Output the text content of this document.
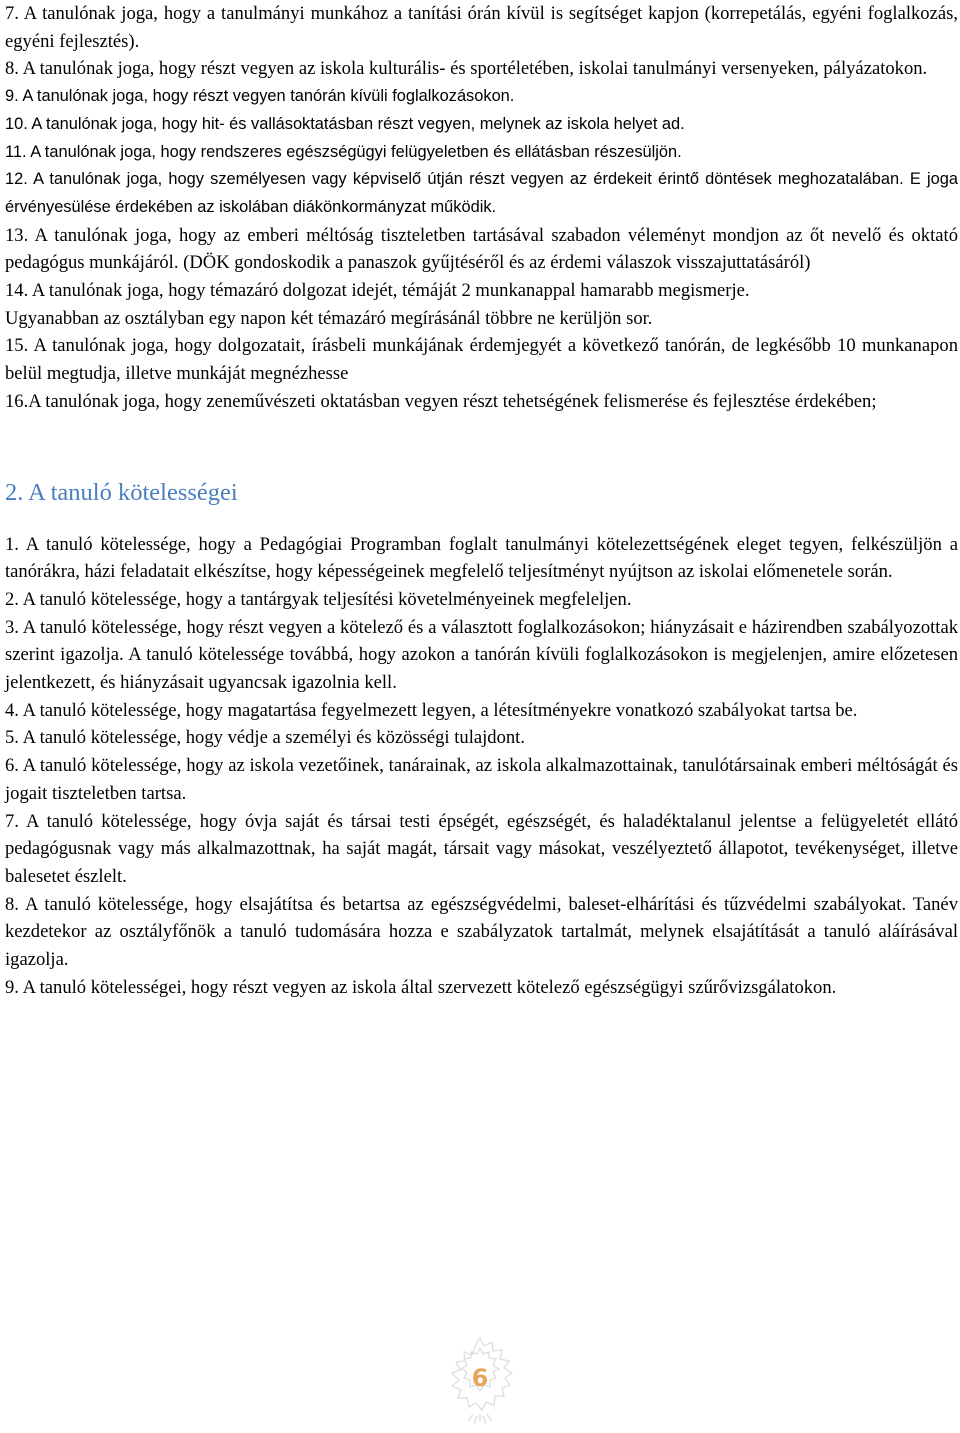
7. A tanulónak joga, hogy a tanulmányi munkához a tanítási órán kívül is segítséget kapjon (korrepetálás, egyéni foglalkozás, egyéni fejlesztés).

8. A tanulónak joga, hogy részt vegyen az iskola kulturális- és sportéletében, iskolai tanulmányi versenyeken, pályázatokon.

9. A tanulónak joga, hogy részt vegyen tanórán kívüli foglalkozásokon.

10. A tanulónak joga, hogy hit- és vallásoktatásban részt vegyen, melynek az iskola helyet ad.

11. A tanulónak joga, hogy rendszeres egészségügyi felügyeletben és ellátásban részesüljön.

12. A tanulónak joga, hogy személyesen vagy képviselő útján részt vegyen az érdekeit érintő döntések meghozatalában. E joga érvényesülése érdekében az iskolában diákönkormányzat működik.

13. A tanulónak joga, hogy az emberi méltóság tiszteletben tartásával szabadon véleményt mondjon az őt nevelő és oktató pedagógus munkájáról. (DÖK gondoskodik a panaszok gyűjtéséről és az érdemi válaszok visszajuttatásáról)

14. A tanulónak joga, hogy témazáró dolgozat idejét, témáját 2 munkanappal hamarabb megismerje.

Ugyanabban az osztályban egy napon két témazáró megírásánál többre ne kerüljön sor.

15. A tanulónak joga, hogy dolgozatait, írásbeli munkájának érdemjegyét a következő tanórán, de legkésőbb 10 munkanapon belül megtudja, illetve munkáját megnézhesse

16.A tanulónak joga, hogy zeneművészeti oktatásban vegyen részt tehetségének felismerése és fejlesztése érdekében;

2. A tanuló kötelességei

1. A tanuló kötelessége, hogy a Pedagógiai Programban foglalt tanulmányi kötelezettségének eleget tegyen, felkészüljön a tanórákra, házi feladatait elkészítse, hogy képességeinek megfelelő teljesítményt nyújtson az iskolai előmenetele során.

2. A tanuló kötelessége, hogy a tantárgyak teljesítési követelményeinek megfeleljen.

3. A tanuló kötelessége, hogy részt vegyen a kötelező és a választott foglalkozásokon; hiányzásait e házirendben szabályozottak szerint igazolja. A tanuló kötelessége továbbá, hogy azokon a tanórán kívüli foglalkozásokon is megjelenjen, amire előzetesen jelentkezett, és hiányzásait ugyancsak igazolnia kell.

4. A tanuló kötelessége, hogy magatartása fegyelmezett legyen, a létesítményekre vonatkozó szabályokat tartsa be.

5. A tanuló kötelessége, hogy védje a személyi és közösségi tulajdont.

6. A tanuló kötelessége, hogy az iskola vezetőinek, tanárainak, az iskola alkalmazottainak, tanulótársainak emberi méltóságát és jogait tiszteletben tartsa.

7. A tanuló kötelessége, hogy óvja saját és társai testi épségét, egészségét, és haladéktalanul jelentse a felügyeletét ellátó pedagógusnak vagy más alkalmazottnak, ha saját magát, társait vagy másokat, veszélyeztető állapotot, tevékenységet, illetve balesetet észlelt.

8. A tanuló kötelessége, hogy elsajátítsa és betartsa az egészségvédelmi, baleset-elhárítási és tűzvédelmi szabályokat. Tanév kezdetekor az osztályfőnök a tanuló tudomására hozza e szabályzatok tartalmát, melynek elsajátítását a tanuló aláírásával igazolja.

9. A tanuló kötelességei, hogy részt vegyen az iskola által szervezett kötelező egészségügyi szűrővizsgálatokon.

6
